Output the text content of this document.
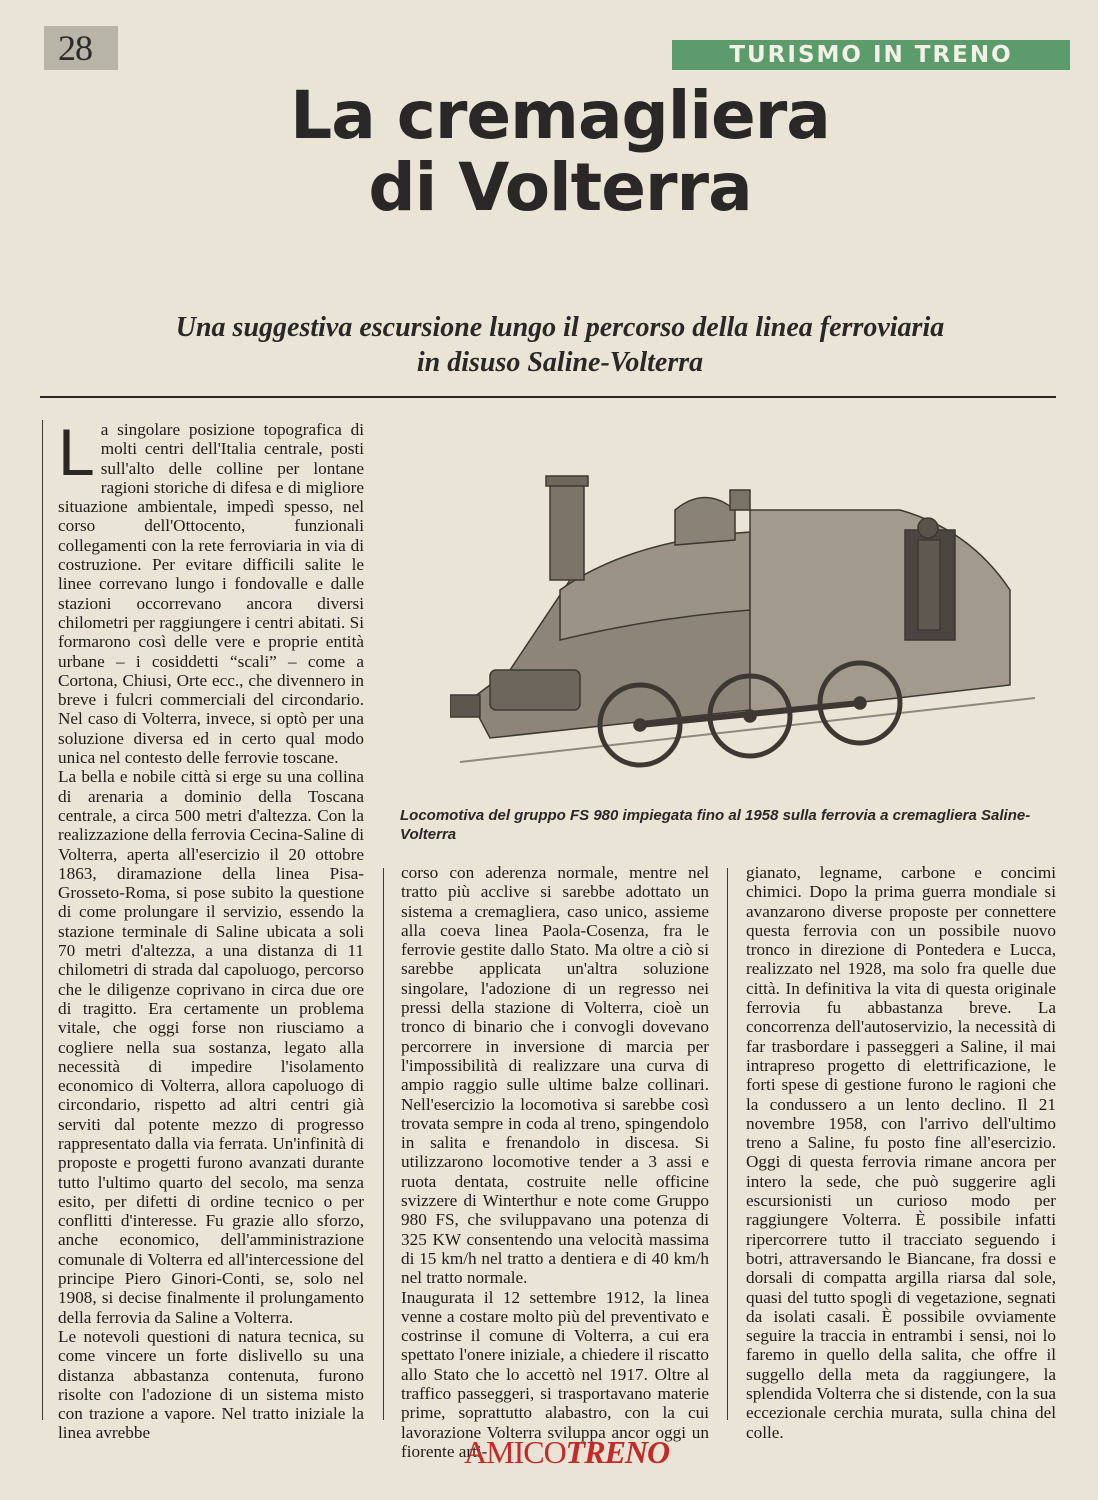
28	TURISMO IN TRENO
La cremagliera
di Volterra
Una suggestiva escursione lungo il percorso della linea ferroviaria
in disuso Saline-Volterra
L a singolare posizione topografica di molti centri dell'Italia centrale, posti sull'alto delle colline per lontane ragioni storiche di difesa e di migliore situazione ambientale, impedì spesso, nel corso dell'Ottocento, funzionali collegamenti con la rete ferroviaria in via di costruzione. Per evitare difficili salite le linee correvano lungo i fondovalle e dalle stazioni occorrevano ancora diversi chilometri per raggiungere i centri abitati. Si formarono così delle vere e proprie entità urbane – i cosiddetti “scali” – come a Cortona, Chiusi, Orte ecc., che divennero in breve i fulcri commerciali del circondario. Nel caso di Volterra, invece, si optò per una soluzione diversa ed in certo qual modo unica nel contesto delle ferrovie toscane.

La bella e nobile città si erge su una collina di arenaria a dominio della Toscana centrale, a circa 500 metri d'altezza. Con la realizzazione della ferrovia Cecina-Saline di Volterra, aperta all'esercizio il 20 ottobre 1863, diramazione della linea Pisa-Grosseto-Roma, si pose subito la questione di come prolungare il servizio, essendo la stazione terminale di Saline ubicata a soli 70 metri d'altezza, a una distanza di 11 chilometri di strada dal capoluogo, percorso che le diligenze coprivano in circa due ore di tragitto. Era certamente un problema vitale, che oggi forse non riusciamo a cogliere nella sua sostanza, legato alla necessità di impedire l'isolamento economico di Volterra, allora capoluogo di circondario, rispetto ad altri centri già serviti dal potente mezzo di progresso rappresentato dalla via ferrata. Un'infinità di proposte e progetti furono avanzati durante tutto l'ultimo quarto del secolo, ma senza esito, per difetti di ordine tecnico o per conflitti d'interesse. Fu grazie allo sforzo, anche economico, dell'amministrazione comunale di Volterra ed all'intercessione del principe Piero Ginori-Conti, se, solo nel 1908, si decise finalmente il prolungamento della ferrovia da Saline a Volterra.

Le notevoli questioni di natura tecnica, su come vincere un forte dislivello su una distanza abbastanza contenuta, furono risolte con l'adozione di un sistema misto con trazione a vapore. Nel tratto iniziale la linea avrebbe

Locomotiva del gruppo FS 980 impiegata fino al 1958 sulla ferrovia a cremagliera Saline-Volterra

corso con aderenza normale, mentre nel tratto più acclive si sarebbe adottato un sistema a cremagliera, caso unico, assieme alla coeva linea Paola-Cosenza, fra le ferrovie gestite dallo Stato. Ma oltre a ciò si sarebbe applicata un'altra soluzione singolare, l'adozione di un regresso nei pressi della stazione di Volterra, cioè un tronco di binario che i convogli dovevano percorrere in inversione di marcia per l'impossibilità di realizzare una curva di ampio raggio sulle ultime balze collinari. Nell'esercizio la locomotiva si sarebbe così trovata sempre in coda al treno, spingendolo in salita e frenandolo in discesa. Si utilizzarono locomotive tender a 3 assi e ruota dentata, costruite nelle officine svizzere di Winterthur e note come Gruppo 980 FS, che sviluppavano una potenza di 325 KW consentendo una velocità massima di 15 km/h nel tratto a dentiera e di 40 km/h nel tratto normale.

Inaugurata il 12 settembre 1912, la linea venne a costare molto più del preventivato e costrinse il comune di Volterra, a cui era spettato l'onere iniziale, a chiedere il riscatto allo Stato che lo accettò nel 1917. Oltre al traffico passeggeri, si trasportavano materie prime, soprattutto alabastro, con la cui lavorazione Volterra sviluppa ancor oggi un fiorente arti-

gianato, legname, carbone e concimi chimici. Dopo la prima guerra mondiale si avanzarono diverse proposte per connettere questa ferrovia con un possibile nuovo tronco in direzione di Pontedera e Lucca, realizzato nel 1928, ma solo fra quelle due città. In definitiva la vita di questa originale ferrovia fu abbastanza breve. La concorrenza dell'autoservizio, la necessità di far trasbordare i passeggeri a Saline, il mai intrapreso progetto di elettrificazione, le forti spese di gestione furono le ragioni che la condussero a un lento declino. Il 21 novembre 1958, con l'arrivo dell'ultimo treno a Saline, fu posto fine all'esercizio. Oggi di questa ferrovia rimane ancora per intero la sede, che può suggerire agli escursionisti un curioso modo per raggiungere Volterra. È possibile infatti ripercorrere tutto il tracciato seguendo i botri, attraversando le Biancane, fra dossi e dorsali di compatta argilla riarsa dal sole, quasi del tutto spogli di vegetazione, segnati da isolati casali. È possibile ovviamente seguire la traccia in entrambi i sensi, noi lo faremo in quello della salita, che offre il suggello della meta da raggiungere, la splendida Volterra che si distende, con la sua eccezionale cerchia murata, sulla china del colle.

AMICOTRENO
